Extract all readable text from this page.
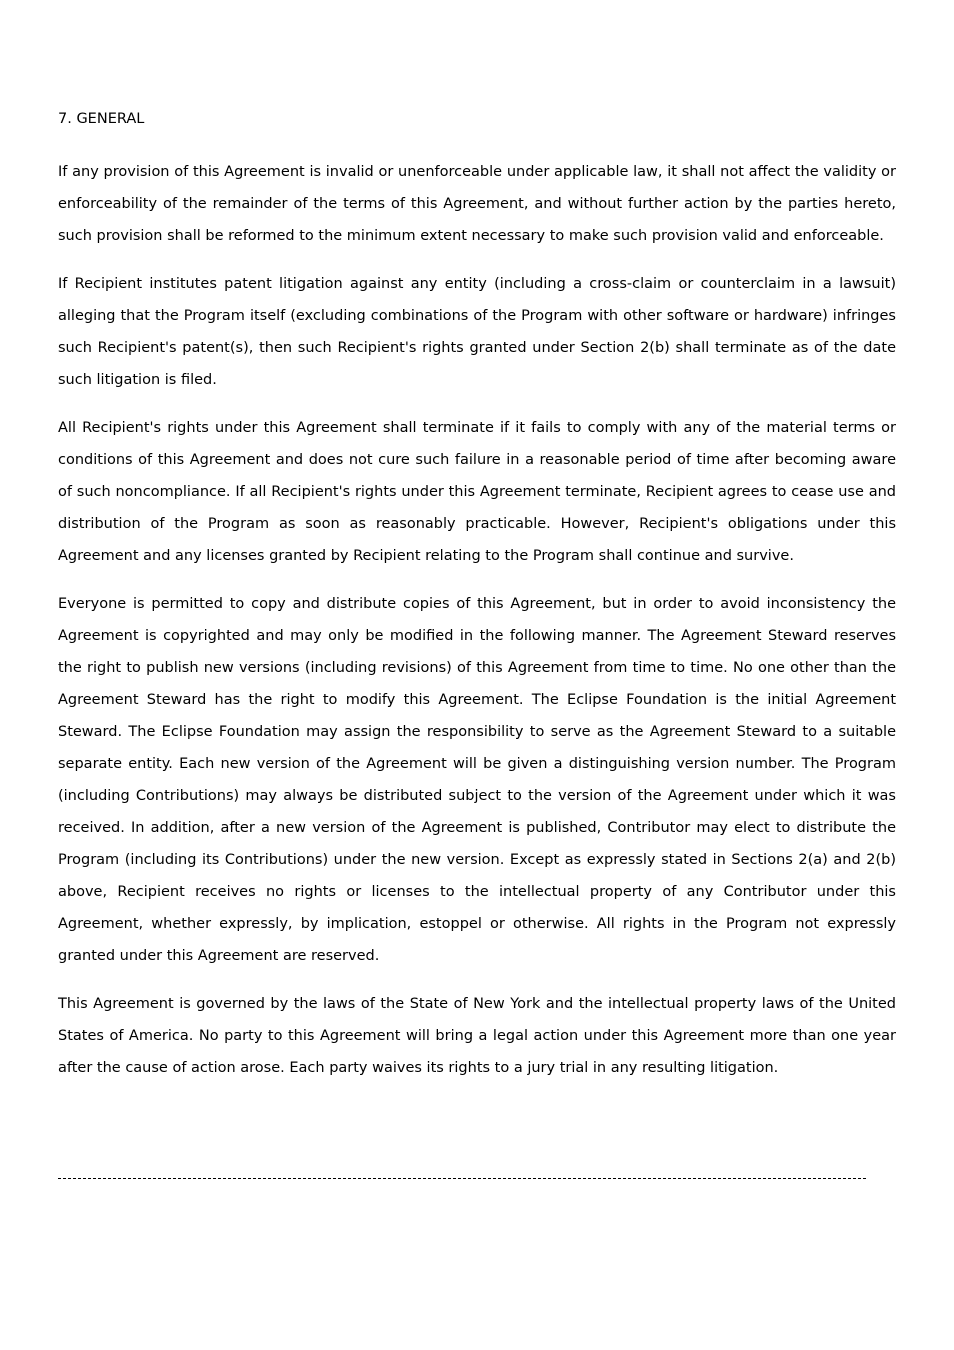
7. GENERAL

If any provision of this Agreement is invalid or unenforceable under applicable law, it shall not affect the validity or enforceability of the remainder of the terms of this Agreement, and without further action by the parties hereto, such provision shall be reformed to the minimum extent necessary to make such provision valid and enforceable.

If Recipient institutes patent litigation against any entity (including a cross-claim or counterclaim in a lawsuit) alleging that the Program itself (excluding combinations of the Program with other software or hardware) infringes such Recipient's patent(s), then such Recipient's rights granted under Section 2(b) shall terminate as of the date such litigation is filed.

All Recipient's rights under this Agreement shall terminate if it fails to comply with any of the material terms or conditions of this Agreement and does not cure such failure in a reasonable period of time after becoming aware of such noncompliance. If all Recipient's rights under this Agreement terminate, Recipient agrees to cease use and distribution of the Program as soon as reasonably practicable. However, Recipient's obligations under this Agreement and any licenses granted by Recipient relating to the Program shall continue and survive.

Everyone is permitted to copy and distribute copies of this Agreement, but in order to avoid inconsistency the Agreement is copyrighted and may only be modified in the following manner. The Agreement Steward reserves the right to publish new versions (including revisions) of this Agreement from time to time. No one other than the Agreement Steward has the right to modify this Agreement. The Eclipse Foundation is the initial Agreement Steward. The Eclipse Foundation may assign the responsibility to serve as the Agreement Steward to a suitable separate entity. Each new version of the Agreement will be given a distinguishing version number. The Program (including Contributions) may always be distributed subject to the version of the Agreement under which it was received. In addition, after a new version of the Agreement is published, Contributor may elect to distribute the Program (including its Contributions) under the new version. Except as expressly stated in Sections 2(a) and 2(b) above, Recipient receives no rights or licenses to the intellectual property of any Contributor under this Agreement, whether expressly, by implication, estoppel or otherwise. All rights in the Program not expressly granted under this Agreement are reserved.

This Agreement is governed by the laws of the State of New York and the intellectual property laws of the United States of America. No party to this Agreement will bring a legal action under this Agreement more than one year after the cause of action arose. Each party waives its rights to a jury trial in any resulting litigation.
